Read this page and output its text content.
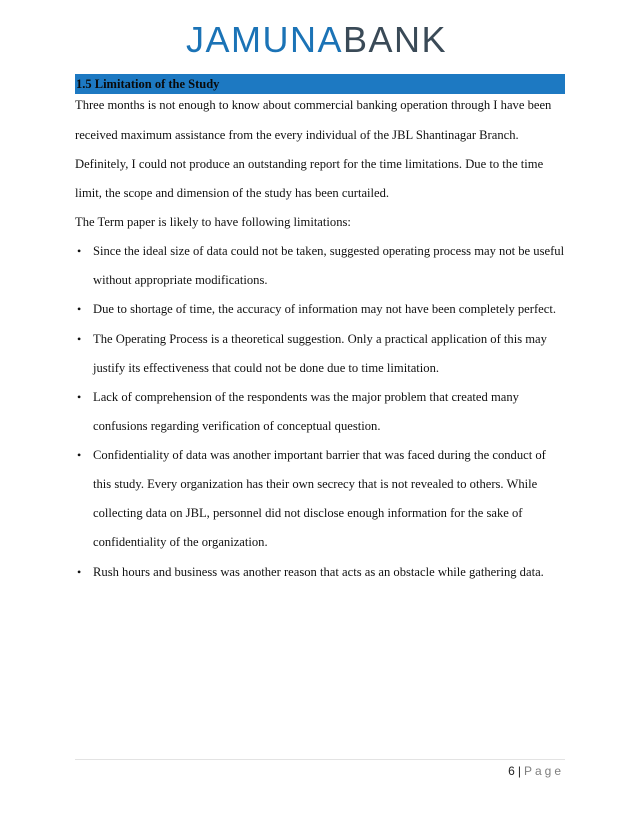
JAMUNABANK
1.5 Limitation of the Study
Three months is not enough to know about commercial banking operation through I have been
received maximum assistance from the every individual of the JBL Shantinagar Branch.
Definitely, I could not produce an outstanding report for the time limitations. Due to the time
limit, the scope and dimension of the study has been curtailed.
The Term paper is likely to have following limitations:
• Since the ideal size of data could not be taken, suggested operating process may not be useful
without appropriate modifications.
• Due to shortage of time, the accuracy of information may not have been completely perfect.
• The Operating Process is a theoretical suggestion. Only a practical application of this may
justify its effectiveness that could not be done due to time limitation.
• Lack of comprehension of the respondents was the major problem that created many
confusions regarding verification of conceptual question.
• Confidentiality of data was another important barrier that was faced during the conduct of
this study. Every organization has their own secrecy that is not revealed to others. While
collecting data on JBL, personnel did not disclose enough information for the sake of
confidentiality of the organization.
• Rush hours and business was another reason that acts as an obstacle while gathering data.
6 | Page
